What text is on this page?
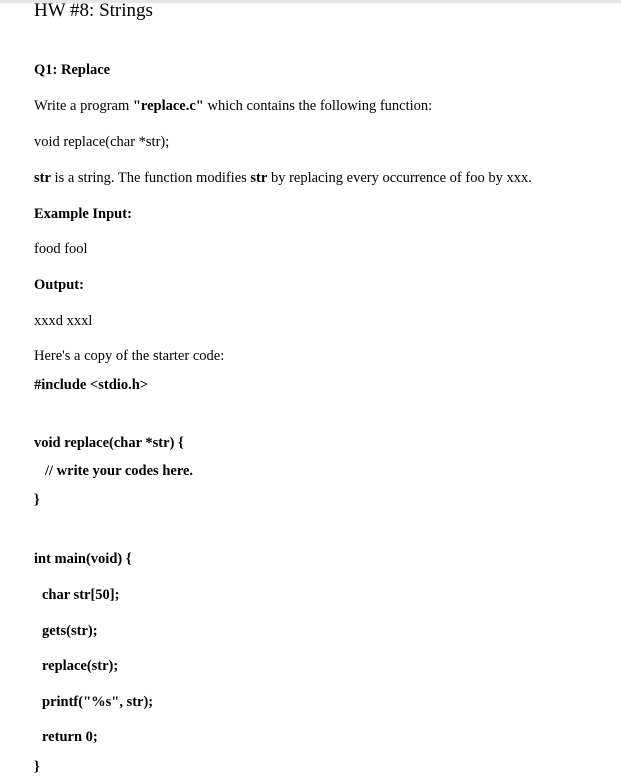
HW #8: Strings
Q1: Replace
Write a program "replace.c" which contains the following function:
void replace(char *str);
str is a string. The function modifies str by replacing every occurrence of foo by xxx.
Example Input:
food fool
Output:
xxxd xxxl
Here's a copy of the starter code:
#include <stdio.h>
void replace(char *str) {
// write your codes here.
}
int main(void) {
char str[50];
gets(str);
replace(str);
printf("%s", str);
return 0;
}
